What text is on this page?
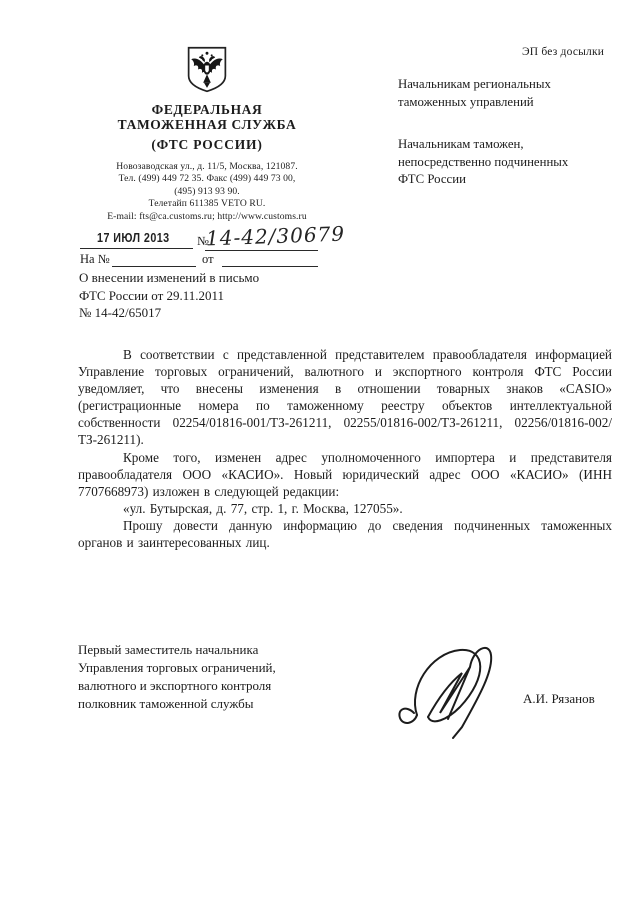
ЭП без досылки
ФЕДЕРАЛЬНАЯ
ТАМОЖЕННАЯ СЛУЖБА
(ФТС РОССИИ)
Новозаводская ул., д. 11/5, Москва, 121087.
Тел. (499) 449 72 35. Факс (499) 449 73 00,
(495) 913 93 90.
Телетайп 611385 VETO RU.
E-mail: fts@ca.customs.ru; http://www.customs.ru
Начальникам региональных
таможенных управлений
Начальникам таможен,
непосредственно подчиненных
ФТС России
17 ИЮЛ 2013	№
14-42/30679
На №	от
О внесении изменений в письмо
ФТС России от 29.11.2011
№ 14-42/65017

В соответствии с представленной представителем правообладателя информацией Управление торговых ограничений, валютного и экспортного контроля ФТС России уведомляет, что внесены изменения в отношении товарных знаков «CASIO» (регистрационные номера по таможенному реестру объектов интеллектуальной собственности 02254/01816-001/ТЗ-261211, 02255/01816-002/ТЗ-261211, 02256/01816-002/ТЗ-261211).

Кроме того, изменен адрес уполномоченного импортера и представителя правообладателя ООО «КАСИО». Новый юридический адрес ООО «КАСИО» (ИНН 7707668973) изложен в следующей редакции:

«ул. Бутырская, д. 77, стр. 1, г. Москва, 127055».

Прошу довести данную информацию до сведения подчиненных таможенных органов и заинтересованных лиц.

Первый заместитель начальника
Управления торговых ограничений,
валютного и экспортного контроля
полковник таможенной службы	А.И. Рязанов
